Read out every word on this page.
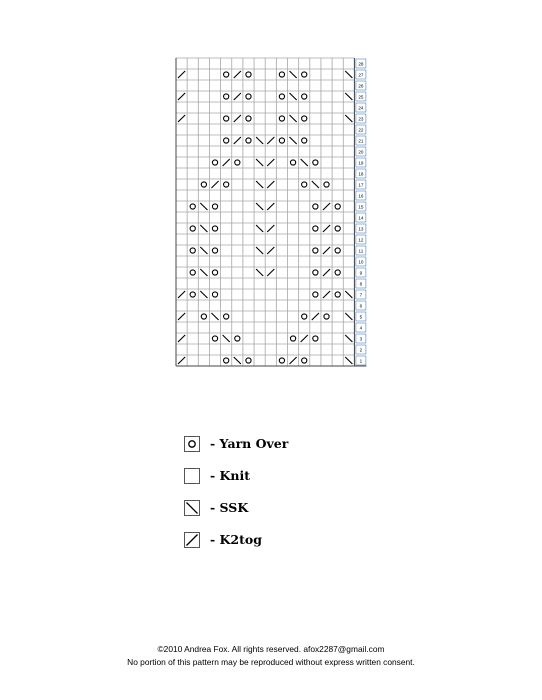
28
27
26
25
24
23
22
21
20
19
18
17
16
15
14
13
12
11
10
9
8
7
6
5
4
3
2
1
- Yarn Over
- Knit
- SSK
- K2tog
©2010 Andrea Fox. All rights reserved. afox2287@gmail.com
No portion of this pattern may be reproduced without express written consent.
